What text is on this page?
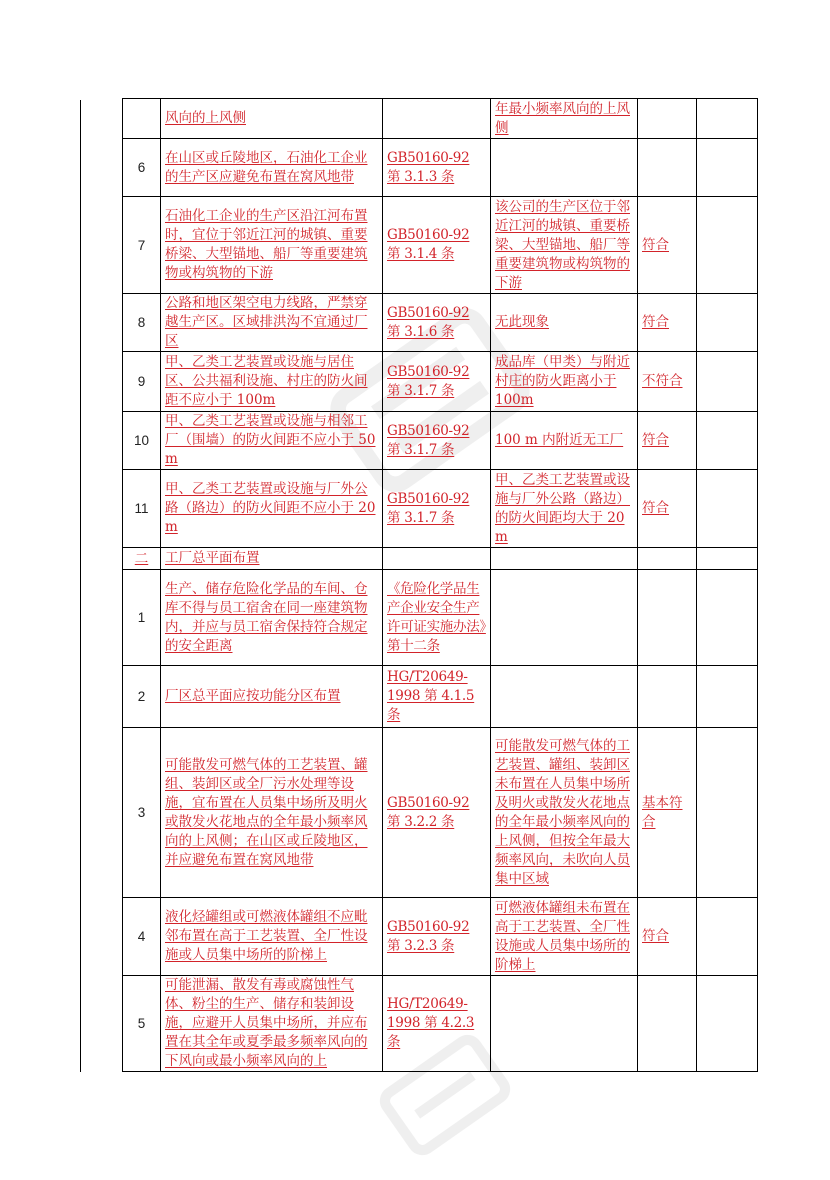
	风向的上风侧		年最小频率风向的上风侧		
6	在山区或丘陵地区，石油化工企业的生产区应避免布置在窝风地带	GB50160-92 第 3.1.3 条			
7	石油化工企业的生产区沿江河布置时，宜位于邻近江河的城镇、重要桥梁、大型锚地、船厂等重要建筑物或构筑物的下游	GB50160-92 第 3.1.4 条	该公司的生产区位于邻近江河的城镇、重要桥梁、大型锚地、船厂等重要建筑物或构筑物的下游	符合	
8	公路和地区架空电力线路，严禁穿越生产区。区域排洪沟不宜通过厂区	GB50160-92 第 3.1.6 条	无此现象	符合	
9	甲、乙类工艺装置或设施与居住区、公共福利设施、村庄的防火间距不应小于 100m	GB50160-92 第 3.1.7 条	成品库（甲类）与附近村庄的防火距离小于 100m	不符合	
10	甲、乙类工艺装置或设施与相邻工厂（围墙）的防火间距不应小于 50 m	GB50160-92 第 3.1.7 条	100 m 内附近无工厂	符合	
11	甲、乙类工艺装置或设施与厂外公路（路边）的防火间距不应小于 20 m	GB50160-92 第 3.1.7 条	甲、乙类工艺装置或设施与厂外公路（路边）的防火间距均大于 20 m	符合	
二	工厂总平面布置				
1	生产、储存危险化学品的车间、仓库不得与员工宿舍在同一座建筑物内，并应与员工宿舍保持符合规定的安全距离	《危险化学品生产企业安全生产许可证实施办法》第十二条			
2	厂区总平面应按功能分区布置	HG/T20649-1998 第 4.1.5 条			
3	可能散发可燃气体的工艺装置、罐组、装卸区或全厂污水处理等设施，宜布置在人员集中场所及明火或散发火花地点的全年最小频率风向的上风侧；在山区或丘陵地区，并应避免布置在窝风地带	GB50160-92 第 3.2.2 条	可能散发可燃气体的工艺装置、罐组、装卸区未布置在人员集中场所及明火或散发火花地点的全年最小频率风向的上风侧，但按全年最大频率风向，未吹向人员集中区域	基本符合	
4	液化烃罐组或可燃液体罐组不应毗邻布置在高于工艺装置、全厂性设施或人员集中场所的阶梯上	GB50160-92 第 3.2.3 条	可燃液体罐组未布置在高于工艺装置、全厂性设施或人员集中场所的阶梯上	符合	
5	可能泄漏、散发有毒或腐蚀性气体、粉尘的生产、储存和装卸设施，应避开人员集中场所，并应布置在其全年或夏季最多频率风向的下风向或最小频率风向的上	HG/T20649-1998 第 4.2.3 条			
